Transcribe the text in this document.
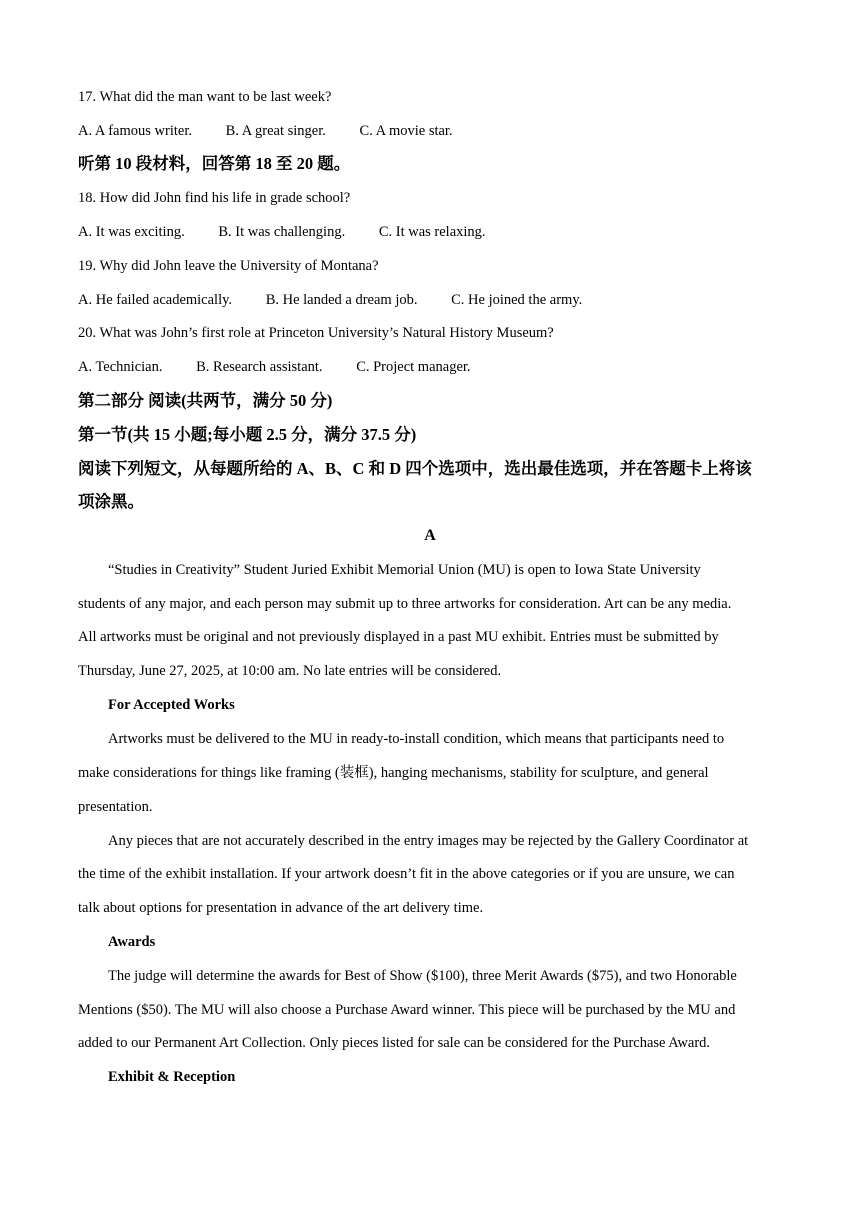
17. What did the man want to be last week?

A. A famous writer. B. A great singer. C. A movie star.

听第 10 段材料，回答第 18 至 20 题。

18. How did John find his life in grade school?

A. It was exciting. B. It was challenging. C. It was relaxing.

19. Why did John leave the University of Montana?

A. He failed academically. B. He landed a dream job. C. He joined the army.

20. What was John’s first role at Princeton University’s Natural History Museum?

A. Technician. B. Research assistant. C. Project manager.

第二部分 阅读(共两节，满分 50 分)

第一节(共 15 小题;每小题 2.5 分，满分 37.5 分)

阅读下列短文，从每题所给的 A、B、C 和 D 四个选项中，选出最佳选项，并在答题卡上将该

项涂黑。

A

“Studies in Creativity” Student Juried Exhibit Memorial Union (MU) is open to Iowa State University

students of any major, and each person may submit up to three artworks for consideration. Art can be any media.

All artworks must be original and not previously displayed in a past MU exhibit. Entries must be submitted by

Thursday, June 27, 2025, at 10:00 am. No late entries will be considered.

For Accepted Works

Artworks must be delivered to the MU in ready-to-install condition, which means that participants need to

make considerations for things like framing (装框), hanging mechanisms, stability for sculpture, and general

presentation.

Any pieces that are not accurately described in the entry images may be rejected by the Gallery Coordinator at

the time of the exhibit installation. If your artwork doesn’t fit in the above categories or if you are unsure, we can

talk about options for presentation in advance of the art delivery time.

Awards

The judge will determine the awards for Best of Show ($100), three Merit Awards ($75), and two Honorable

Mentions ($50). The MU will also choose a Purchase Award winner. This piece will be purchased by the MU and

added to our Permanent Art Collection. Only pieces listed for sale can be considered for the Purchase Award.

Exhibit & Reception
